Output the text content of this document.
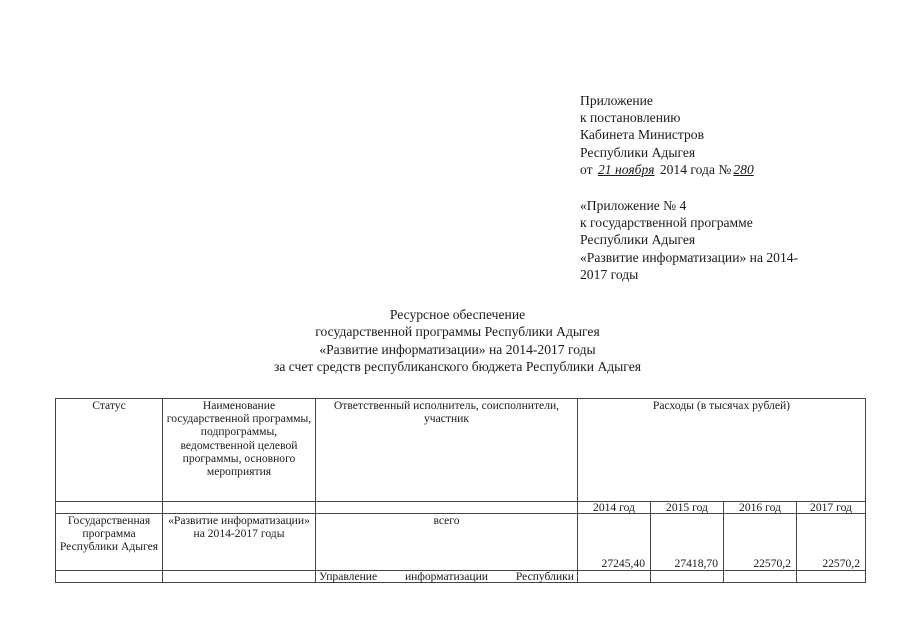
Приложение
к постановлению
Кабинета Министров
Республики Адыгея
от 21 ноября 2014 года № 280
«Приложение № 4
к государственной программе
Республики Адыгея
«Развитие информатизации» на 2014-
2017 годы
Ресурсное обеспечение
государственной программы Республики Адыгея
«Развитие информатизации» на 2014-2017 годы
за счет средств республиканского бюджета Республики Адыгея
Статус	Наименование государственной программы, подпрограммы, ведомственной целевой программы, основного мероприятия	Ответственный исполнитель, соисполнители, участник	Расходы (в тысячах рублей)			
			2014 год	2015 год	2016 год	2017 год
Государственная программа Республики Адыгея	«Развитие информатизации» на 2014-2017 годы	всего	27245,40	27418,70	22570,2	22570,2
		Управление информатизации Республики				
